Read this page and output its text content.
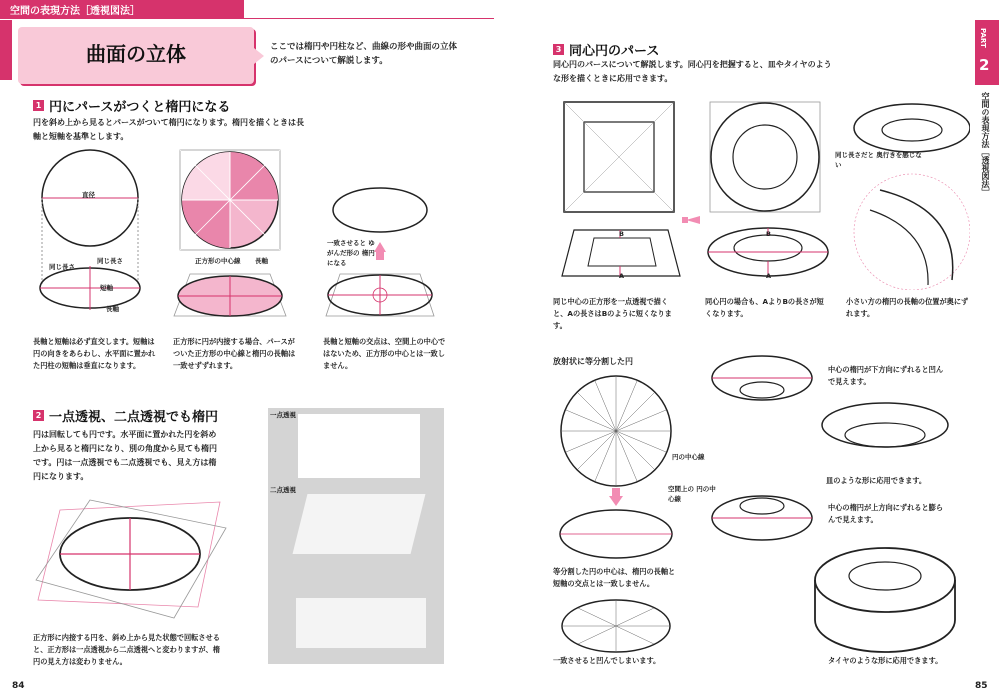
空間の表現方法［透視図法］
曲面の立体	ここでは楕円や円柱など、曲線の形や曲面の立体のパースについて解説します。
1 円にパースがつくと楕円になる
円を斜め上から見るとパースがついて楕円になります。楕円を描くときは長軸と短軸を基準とします。
直径
同じ長さ
同じ長さ
短軸
長軸
正方形の中心線 長軸
一致させると ゆがんだ形の 楕円になる
長軸と短軸は必ず直交します。短軸は円の向きをあらわし、水平面に置かれた円柱の短軸は垂直になります。
正方形に円が内接する場合、パースがついた正方形の中心線と楕円の長軸は一致せずずれます。
長軸と短軸の交点は、空間上の中心ではないため、正方形の中心とは一致しません。
2 一点透視、二点透視でも楕円
円は回転しても円です。水平面に置かれた円を斜め上から見ると楕円になり、別の角度から見ても楕円です。円は一点透視でも二点透視でも、見え方は楕円になります。
正方形に内接する円を、斜め上から見た状態で回転させると、正方形は一点透視から二点透視へと変わりますが、楕円の見え方は変わりません。
一点透視
二点透視
84
3 同心円のパース
同心円のパースについて解説します。同心円を把握すると、皿やタイヤのような形を描くときに応用できます。
B
A
B
A
同じ長さだと 奥行きを感じない
同じ中心の正方形を一点透視で描くと、Aの長さはBのように短くなります。
同心円の場合も、AよりBの長さが短くなります。
小さい方の楕円の長軸の位置が奥にずれます。
放射状に等分割した円
円の中心線
空間上の 円の中心線
等分割した円の中心は、楕円の長軸と短軸の交点とは一致しません。
一致させると凹んでしまいます。
中心の楕円が下方向にずれると凹んで見えます。
皿のような形に応用できます。
中心の楕円が上方向にずれると膨らんで見えます。
タイヤのような形に応用できます。
PART
2
空間の表現方法［透視図法］
85
